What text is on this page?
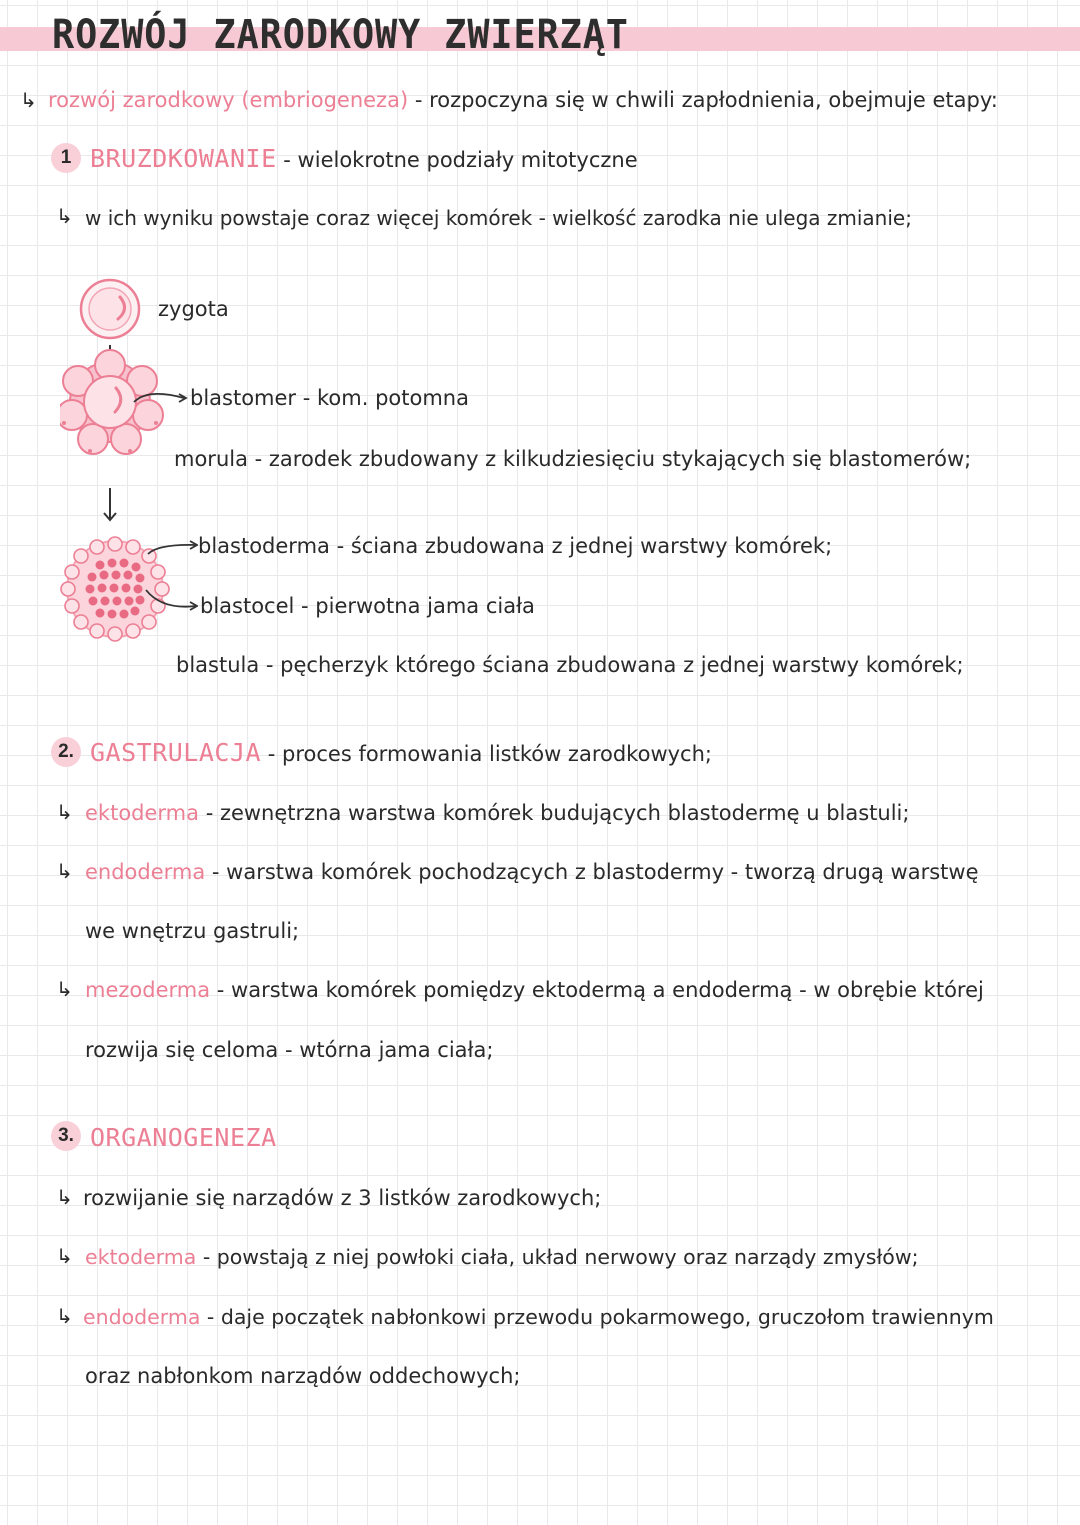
ROZWÓJ ZARODKOWY ZWIERZĄT
↳ rozwój zarodkowy (embriogeneza) - rozpoczyna się w chwili zapłodnienia, obejmuje etapy:
1 BRUZDKOWANIE - wielokrotne podziały mitotyczne
↳ w ich wyniku powstaje coraz więcej komórek - wielkość zarodka nie ulega zmianie;
zygota
blastomer - kom. potomna
morula - zarodek zbudowany z kilkudziesięciu stykających się blastomerów;
blastoderma - ściana zbudowana z jednej warstwy komórek;
blastocel - pierwotna jama ciała
blastula - pęcherzyk którego ściana zbudowana z jednej warstwy komórek;
2. GASTRULACJA - proces formowania listków zarodkowych;
↳ ektoderma - zewnętrzna warstwa komórek budujących blastodermę u blastuli;
↳ endoderma - warstwa komórek pochodzących z blastodermy - tworzą drugą warstwę
we wnętrzu gastruli;
↳ mezoderma - warstwa komórek pomiędzy ektodermą a endodermą - w obrębie której
rozwija się celoma - wtórna jama ciała;
3. ORGANOGENEZA
↳ rozwijanie się narządów z 3 listków zarodkowych;
↳ ektoderma - powstają z niej powłoki ciała, układ nerwowy oraz narządy zmysłów;
↳ endoderma - daje początek nabłonkowi przewodu pokarmowego, gruczołom trawiennym
oraz nabłonkom narządów oddechowych;
